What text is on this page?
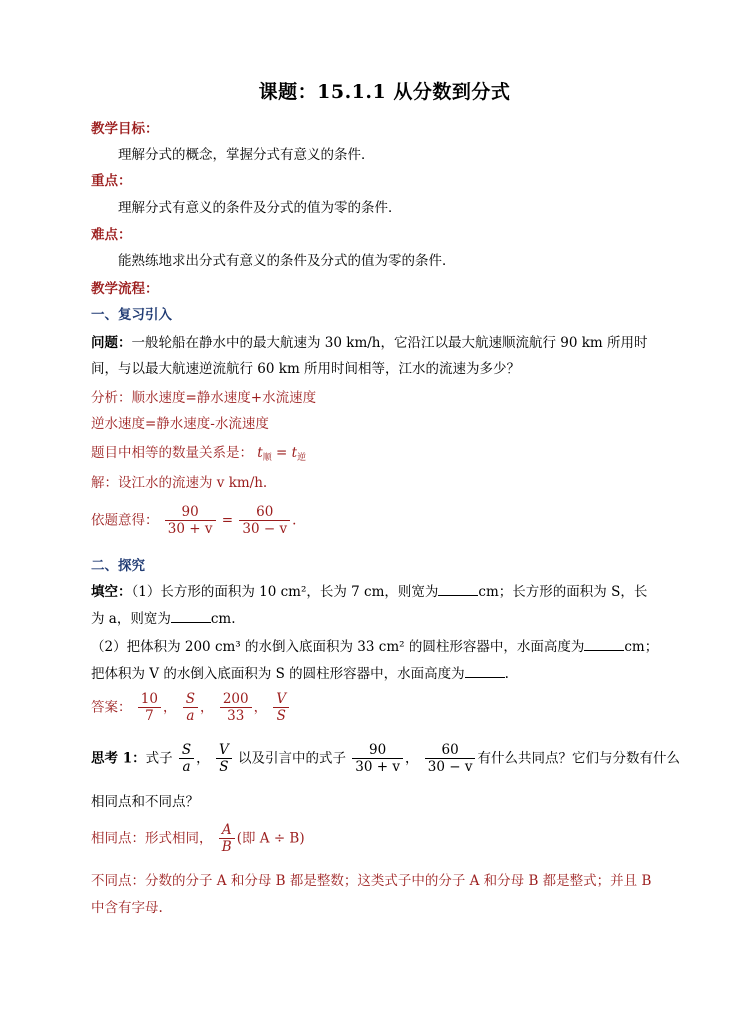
课题：15.1.1 从分数到分式
教学目标：
理解分式的概念，掌握分式有意义的条件．
重点：
理解分式有意义的条件及分式的值为零的条件．
难点：
能熟练地求出分式有意义的条件及分式的值为零的条件．
教学流程：
一、复习引入
问题：一般轮船在静水中的最大航速为 30 km/h，它沿江以最大航速顺流航行 90 km 所用时
间，与以最大航速逆流航行 60 km 所用时间相等，江水的流速为多少？
分析：顺水速度=静水速度+水流速度
逆水速度=静水速度-水流速度
题目中相等的数量关系是： $t_顺 = t_逆$
解：设江水的流速为 v km/h.
依题意得： $\frac{90}{30 + v} = \frac{60}{30 - v}$ .
二、探究
填空：（1）长方形的面积为 10 cm²，长为 7 cm，则宽为	cm；长方形的面积为 S，长
为 a，则宽为	cm.
（2）把体积为 200 cm³ 的水倒入底面积为 33 cm² 的圆柱形容器中，水面高度为	cm；
把体积为 V 的水倒入底面积为 S 的圆柱形容器中，水面高度为	.
答案： $\frac{10}{7}$ ， $\frac{S}{a}$ ， $\frac{200}{33}$ ， $\frac{V}{S}$
思考 1：式子 $\frac{S}{a}$ ， $\frac{V}{S}$ 以及引言中的式子 $\frac{90}{30 + v}$ ， $\frac{60}{30 - v}$ 有什么共同点？它们与分数有什么
相同点和不同点？
相同点：形式相同， $\frac{A}{B}$ (即 A ÷ B)
不同点：分数的分子 A 和分母 B 都是整数；这类式子中的分子 A 和分母 B 都是整式；并且 B
中含有字母.
